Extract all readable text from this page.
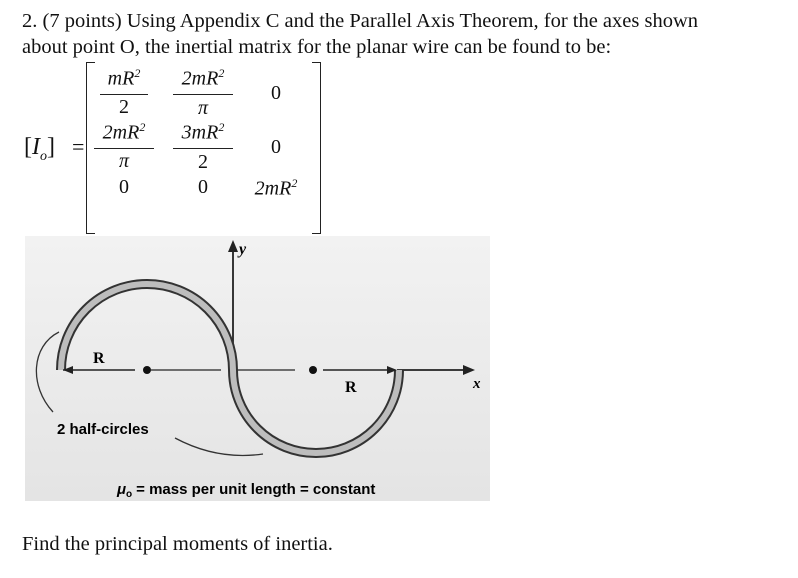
2. (7 points) Using Appendix C and the Parallel Axis Theorem, for the axes shown
about point O, the inertial matrix for the planar wire can be found to be:
$[I_o]$ =
$mR^2$
2
$2mR^2$
π
0
$2mR^2$
π
$3mR^2$
2
0
0	0	$2mR^2$
y
x
R
R
2 half-circles
$\mu_o$ = mass per unit length = constant
Find the principal moments of inertia.
